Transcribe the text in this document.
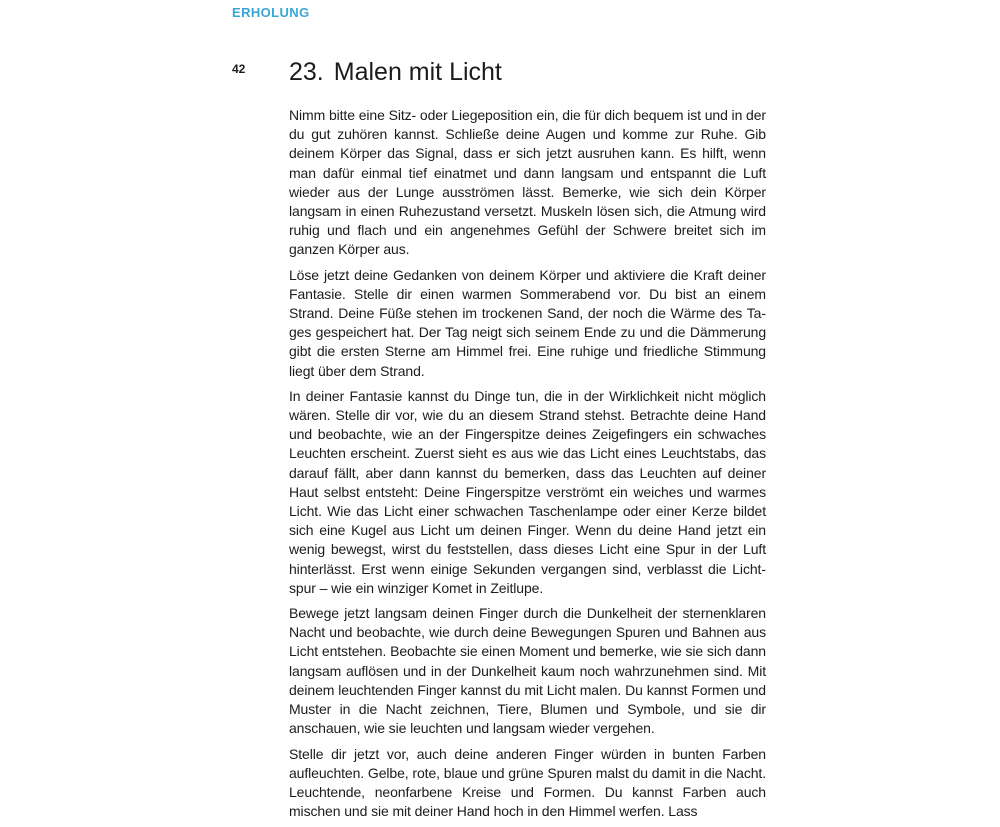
ERHOLUNG
42 23. Malen mit Licht

Nimm bitte eine Sitz- oder Liegeposition ein, die für dich bequem ist und in der du gut zuhören kannst. Schließe deine Augen und komme zur Ruhe. Gib deinem Körper das Signal, dass er sich jetzt ausruhen kann. Es hilft, wenn man dafür einmal tief einatmet und dann langsam und entspannt die Luft wieder aus der Lunge ausströmen lässt. Bemerke, wie sich dein Körper langsam in einen Ruhezustand versetzt. Muskeln lösen sich, die Atmung wird ruhig und flach und ein angenehmes Gefühl der Schwere breitet sich im ganzen Körper aus.

Löse jetzt deine Gedanken von deinem Körper und aktiviere die Kraft deiner Fantasie. Stelle dir einen warmen Sommerabend vor. Du bist an einem Strand. Deine Füße stehen im trockenen Sand, der noch die Wärme des Tages gespeichert hat. Der Tag neigt sich seinem Ende zu und die Dämmerung gibt die ersten Sterne am Himmel frei. Eine ruhige und friedliche Stimmung liegt über dem Strand.

In deiner Fantasie kannst du Dinge tun, die in der Wirklichkeit nicht möglich wären. Stelle dir vor, wie du an diesem Strand stehst. Betrachte deine Hand und beobachte, wie an der Fingerspitze deines Zeigefingers ein schwaches Leuchten erscheint. Zuerst sieht es aus wie das Licht eines Leuchtstabs, das darauf fällt, aber dann kannst du bemerken, dass das Leuchten auf deiner Haut selbst entsteht: Deine Fingerspitze verströmt ein weiches und warmes Licht. Wie das Licht einer schwachen Taschenlampe oder einer Kerze bildet sich eine Kugel aus Licht um deinen Finger. Wenn du deine Hand jetzt ein wenig bewegst, wirst du feststellen, dass dieses Licht eine Spur in der Luft hinterlässt. Erst wenn einige Sekunden vergangen sind, verblasst die Lichtspur – wie ein winziger Komet in Zeitlupe.

Bewege jetzt langsam deinen Finger durch die Dunkelheit der sternenklaren Nacht und beobachte, wie durch deine Bewegungen Spuren und Bahnen aus Licht entstehen. Beobachte sie einen Moment und bemerke, wie sie sich dann langsam auflösen und in der Dunkelheit kaum noch wahrzunehmen sind. Mit deinem leuchtenden Finger kannst du mit Licht malen. Du kannst Formen und Muster in die Nacht zeichnen, Tiere, Blumen und Symbole, und sie dir anschauen, wie sie leuchten und langsam wieder vergehen.

Stelle dir jetzt vor, auch deine anderen Finger würden in bunten Farben aufleuchten. Gelbe, rote, blaue und grüne Spuren malst du damit in die Nacht. Leuchtende, neonfarbene Kreise und Formen. Du kannst Farben auch mischen und sie mit deiner Hand hoch in den Himmel werfen. Lass
